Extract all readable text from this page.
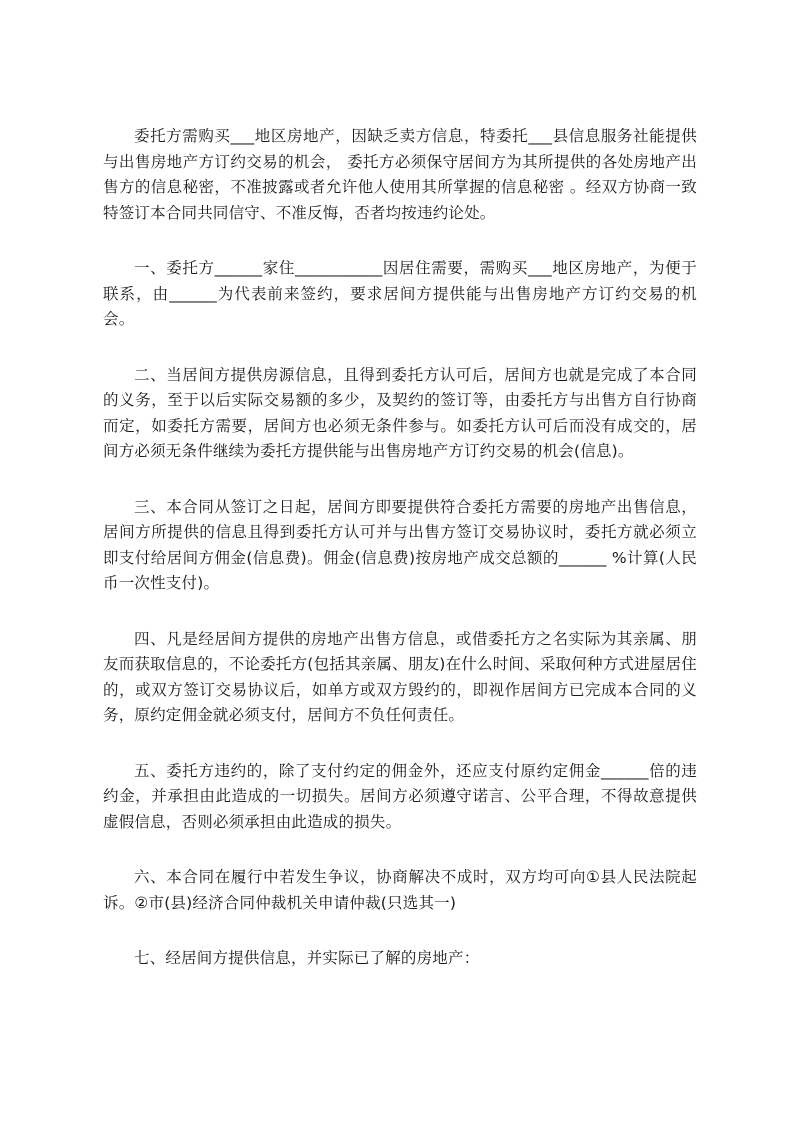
委托方需购买___地区房地产，因缺乏卖方信息，特委托___县信息服务社能提供与出售房地产方订约交易的机会， 委托方必须保守居间方为其所提供的各处房地产出售方的信息秘密，不准披露或者允许他人使用其所掌握的信息秘密 。经双方协商一致特签订本合同共同信守、不准反悔，否者均按违约论处。

一、委托方______家住___________因居住需要，需购买___地区房地产，为便于联系，由______为代表前来签约，要求居间方提供能与出售房地产方订约交易的机会。

二、当居间方提供房源信息，且得到委托方认可后，居间方也就是完成了本合同的义务，至于以后实际交易额的多少，及契约的签订等，由委托方与出售方自行协商而定，如委托方需要，居间方也必须无条件参与。如委托方认可后而没有成交的，居间方必须无条件继续为委托方提供能与出售房地产方订约交易的机会(信息)。

三、本合同从签订之日起，居间方即要提供符合委托方需要的房地产出售信息，居间方所提供的信息且得到委托方认可并与出售方签订交易协议时，委托方就必须立即支付给居间方佣金(信息费)。佣金(信息费)按房地产成交总额的______ %计算(人民币一次性支付)。

四、凡是经居间方提供的房地产出售方信息，或借委托方之名实际为其亲属、朋友而获取信息的，不论委托方(包括其亲属、朋友)在什么时间、采取何种方式进屋居住的，或双方签订交易协议后，如单方或双方毁约的，即视作居间方已完成本合同的义务，原约定佣金就必须支付，居间方不负任何责任。

五、委托方违约的，除了支付约定的佣金外，还应支付原约定佣金______倍的违约金，并承担由此造成的一切损失。居间方必须遵守诺言、公平合理，不得故意提供虚假信息，否则必须承担由此造成的损失。

六、本合同在履行中若发生争议，协商解决不成时，双方均可向①县人民法院起诉。②市(县)经济合同仲裁机关申请仲裁(只选其一)

七、经居间方提供信息，并实际已了解的房地产：
